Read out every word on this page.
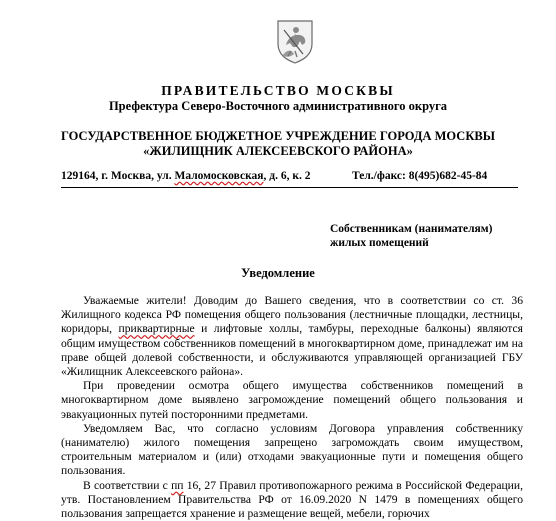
ПРАВИТЕЛЬСТВО МОСКВЫ
Префектура Северо-Восточного административного округа
ГОСУДАРСТВЕННОЕ БЮДЖЕТНОЕ УЧРЕЖДЕНИЕ ГОРОДА МОСКВЫ
«ЖИЛИЩНИК АЛЕКСЕЕВСКОГО РАЙОНА»
129164, г. Москва, ул. Маломосковская, д. 6, к. 2	Тел./факс: 8(495)682-45-84
Собственникам (нанимателям)
жилых помещений
Уведомление

Уважаемые жители! Доводим до Вашего сведения, что в соответствии со ст. 36 Жилищного кодекса РФ помещения общего пользования (лестничные площадки, лестницы, коридоры, приквартирные и лифтовые холлы, тамбуры, переходные балконы) являются общим имуществом собственников помещений в многоквартирном доме, принадлежат им на праве общей долевой собственности, и обслуживаются управляющей организацией ГБУ «Жилищник Алексеевского района».

При проведении осмотра общего имущества собственников помещений в многоквартирном доме выявлено загромождение помещений общего пользования и эвакуационных путей посторонними предметами.

Уведомляем Вас, что согласно условиям Договора управления собственнику (нанимателю) жилого помещения запрещено загромождать своим имуществом, строительным материалом и (или) отходами эвакуационные пути и помещения общего пользования.

В соответствии с пп 16, 27 Правил противопожарного режима в Российской Федерации, утв. Постановлением Правительства РФ от 16.09.2020 N 1479 в помещениях общего пользования запрещается хранение и размещение вещей, мебели, горючих
